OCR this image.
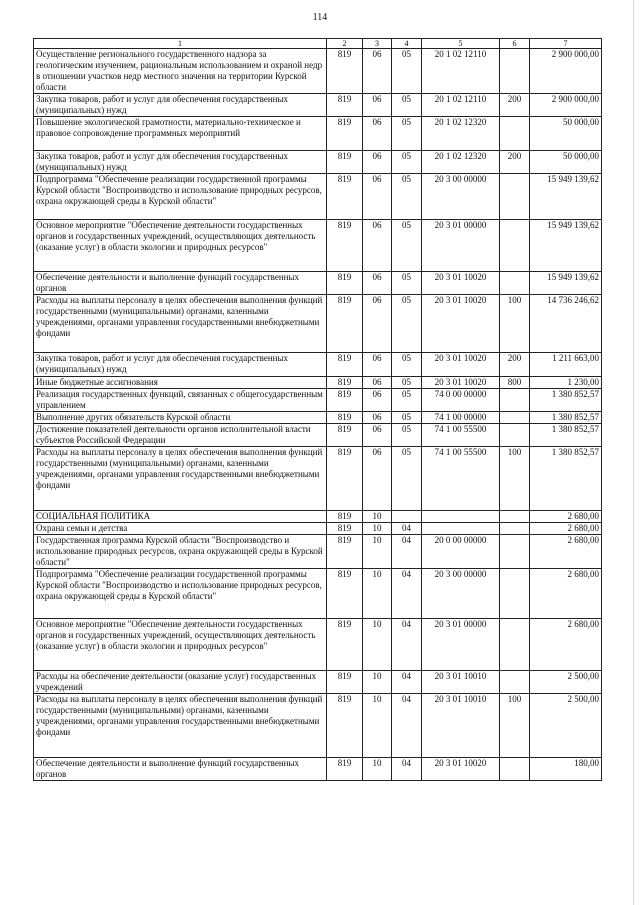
114
1	2	3	4	5	6	7
Осуществление регионального государственного надзора за геологическим изучением, рациональным использованием и охраной недр в отношении участков недр местного значения на территории Курской области	819	06	05	20 1 02 12110		2 900 000,00
Закупка товаров, работ и услуг для обеспечения государственных (муниципальных) нужд	819	06	05	20 1 02 12110	200	2 900 000,00
Повышение экологической грамотности, материально-техническое и правовое сопровождение программных мероприятий	819	06	05	20 1 02 12320		50 000,00
Закупка товаров, работ и услуг для обеспечения государственных (муниципальных) нужд	819	06	05	20 1 02 12320	200	50 000,00
Подпрограмма "Обеспечение реализации государственной программы Курской области "Воспроизводство и использование природных ресурсов, охрана окружающей среды в Курской области"	819	06	05	20 3 00 00000		15 949 139,62
Основное мероприятие "Обеспечение деятельности государственных органов и государственных учреждений, осуществляющих деятельность (оказание услуг) в области экологии и природных ресурсов"	819	06	05	20 3 01 00000		15 949 139,62
Обеспечение деятельности и выполнение функций государственных органов	819	06	05	20 3 01 10020		15 949 139,62
Расходы на выплаты персоналу в целях обеспечения выполнения функций государственными (муниципальными) органами, казенными учреждениями, органами управления государственными внебюджетными фондами	819	06	05	20 3 01 10020	100	14 736 246,62
Закупка товаров, работ и услуг для обеспечения государственных (муниципальных) нужд	819	06	05	20 3 01 10020	200	1 211 663,00
Иные бюджетные ассигнования	819	06	05	20 3 01 10020	800	1 230,00
Реализация государственных функций, связанных с общегосударственным управлением	819	06	05	74 0 00 00000		1 380 852,57
Выполнение других обязательств Курской области	819	06	05	74 1 00 00000		1 380 852,57
Достижение показателей деятельности органов исполнительной власти субъектов Российской Федерации	819	06	05	74 1 00 55500		1 380 852,57
Расходы на выплаты персоналу в целях обеспечения выполнения функций государственными (муниципальными) органами, казенными учреждениями, органами управления государственными внебюджетными фондами	819	06	05	74 1 00 55500	100	1 380 852,57
СОЦИАЛЬНАЯ ПОЛИТИКА	819	10				2 680,00
Охрана семьи и детства	819	10	04			2 680,00
Государственная программа Курской области "Воспроизводство и использование природных ресурсов, охрана окружающей среды в Курской области"	819	10	04	20 0 00 00000		2 680,00
Подпрограмма "Обеспечение реализации государственной программы Курской области "Воспроизводство и использование природных ресурсов, охрана окружающей среды в Курской области"	819	10	04	20 3 00 00000		2 680,00
Основное мероприятие "Обеспечение деятельности государственных органов и государственных учреждений, осуществляющих деятельность (оказание услуг) в области экологии и природных ресурсов"	819	10	04	20 3 01 00000		2 680,00
Расходы на обеспечение деятельности (оказание услуг) государственных учреждений	819	10	04	20 3 01 10010		2 500,00
Расходы на выплаты персоналу в целях обеспечения выполнения функций государственными (муниципальными) органами, казенными учреждениями, органами управления государственными внебюджетными фондами	819	10	04	20 3 01 10010	100	2 500,00
Обеспечение деятельности и выполнение функций государственных органов	819	10	04	20 3 01 10020		180,00
